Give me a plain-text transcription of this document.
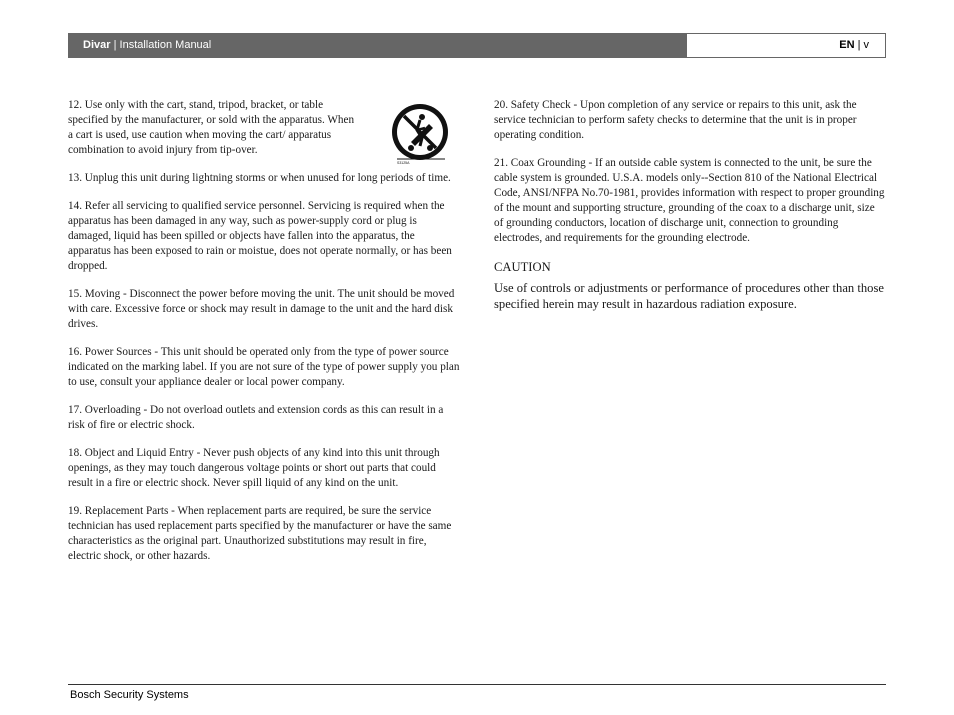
Divar | Installation Manual	EN | v
S3125A

12. Use only with the cart, stand, tripod, bracket, or table specified by the manufacturer, or sold with the apparatus. When a cart is used, use caution when moving the cart/ apparatus combination to avoid injury from tip-over.

13. Unplug this unit during lightning storms or when unused for long periods of time.

14. Refer all servicing to qualified service personnel. Servicing is required when the apparatus has been damaged in any way, such as power-supply cord or plug is damaged, liquid has been spilled or objects have fallen into the apparatus, the apparatus has been exposed to rain or moistue, does not operate normally, or has been dropped.

15. Moving - Disconnect the power before moving the unit. The unit should be moved with care. Excessive force or shock may result in damage to the unit and the hard disk drives.

16. Power Sources - This unit should be operated only from the type of power source indicated on the marking label. If you are not sure of the type of power supply you plan to use, consult your appliance dealer or local power company.

17. Overloading - Do not overload outlets and extension cords as this can result in a risk of fire or electric shock.

18. Object and Liquid Entry - Never push objects of any kind into this unit through openings, as they may touch dangerous voltage points or short out parts that could result in a fire or electric shock. Never spill liquid of any kind on the unit.

19. Replacement Parts - When replacement parts are required, be sure the service technician has used replacement parts specified by the manufacturer or have the same characteristics as the original part. Unauthorized substitutions may result in fire, electric shock, or other hazards.

20. Safety Check - Upon completion of any service or repairs to this unit, ask the service technician to perform safety checks to determine that the unit is in proper operating condition.

21. Coax Grounding - If an outside cable system is connected to the unit, be sure the cable system is grounded. U.S.A. models only--Section 810 of the National Electrical Code, ANSI/NFPA No.70-1981, provides information with respect to proper grounding of the mount and supporting structure, grounding of the coax to a discharge unit, size of grounding conductors, location of discharge unit, connection to grounding electrodes, and requirements for the grounding electrode.

CAUTION

Use of controls or adjustments or performance of procedures other than those specified herein may result in hazardous radiation exposure.

Bosch Security Systems
